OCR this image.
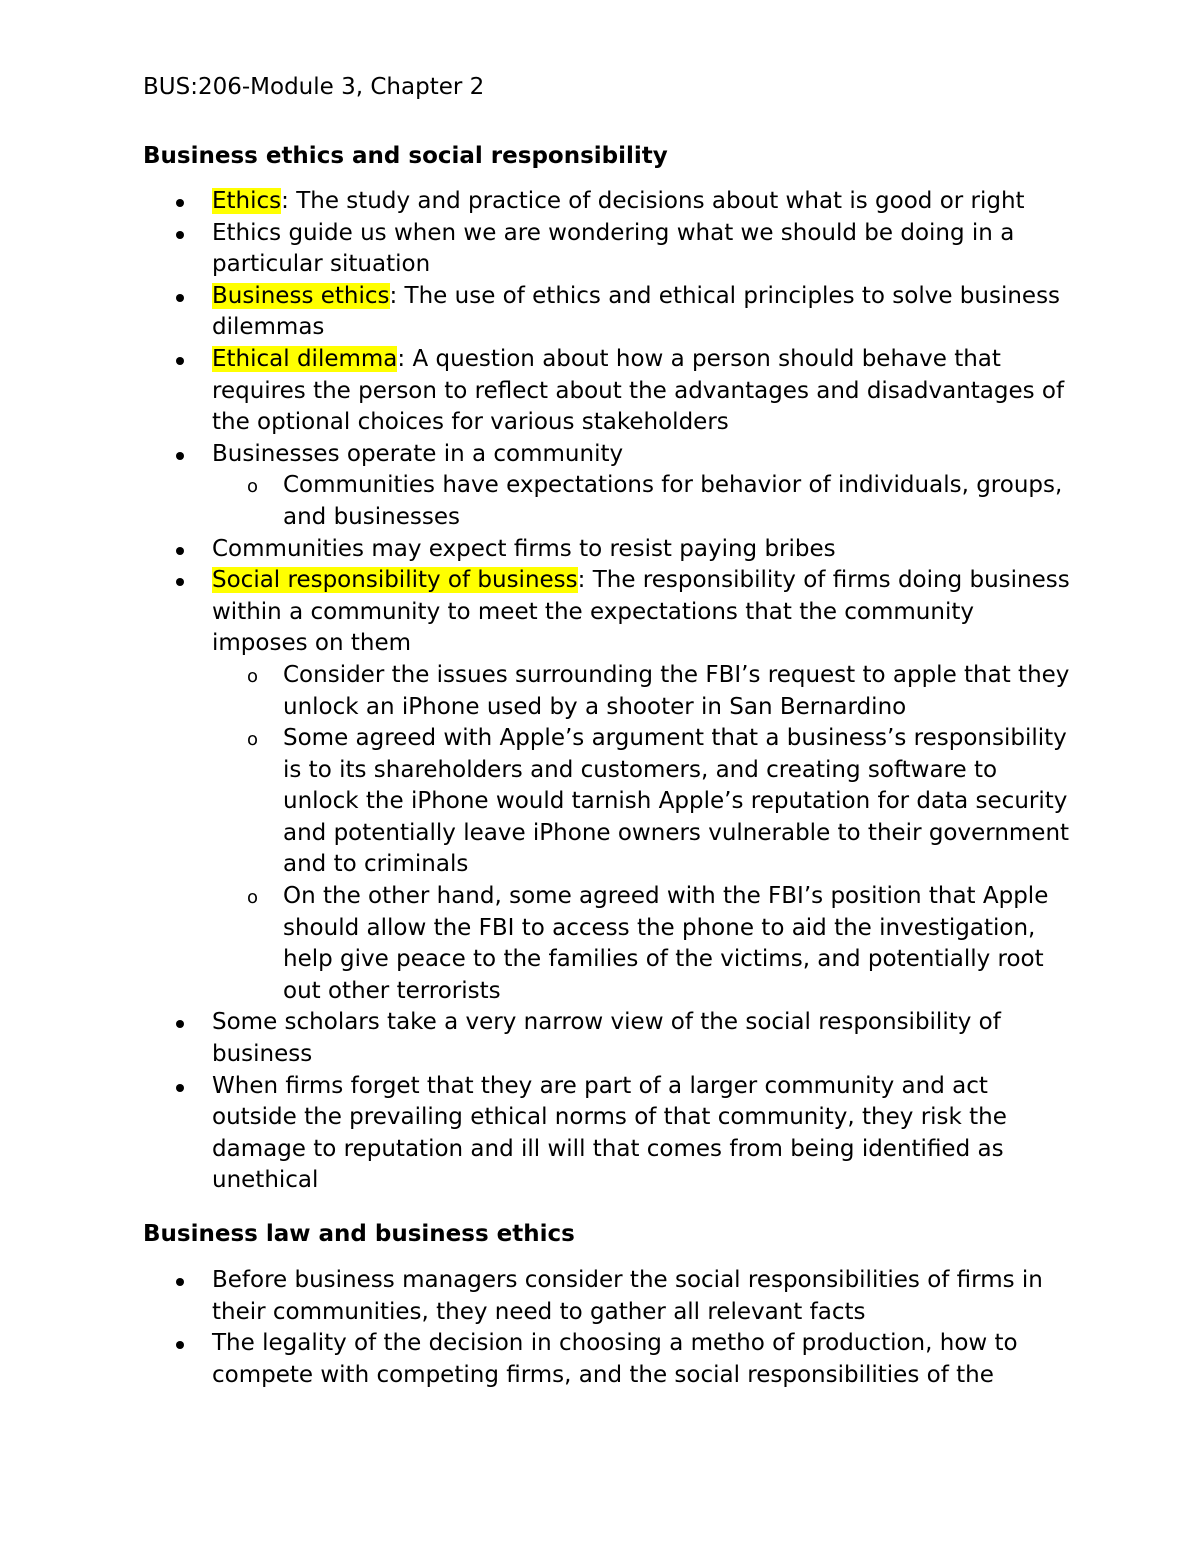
BUS:206-Module 3, Chapter 2

Business ethics and social responsibility
Ethics: The study and practice of decisions about what is good or right
Ethics guide us when we are wondering what we should be doing in a particular situation
Business ethics: The use of ethics and ethical principles to solve business dilemmas
Ethical dilemma: A question about how a person should behave that requires the person to reflect about the advantages and disadvantages of the optional choices for various stakeholders
Businesses operate in a community
o Communities have expectations for behavior of individuals, groups, and businesses
Communities may expect firms to resist paying bribes
Social responsibility of business: The responsibility of firms doing business within a community to meet the expectations that the community imposes on them
o Consider the issues surrounding the FBI’s request to apple that they unlock an iPhone used by a shooter in San Bernardino
o Some agreed with Apple’s argument that a business’s responsibility is to its shareholders and customers, and creating software to unlock the iPhone would tarnish Apple’s reputation for data security and potentially leave iPhone owners vulnerable to their government and to criminals
o On the other hand, some agreed with the FBI’s position that Apple should allow the FBI to access the phone to aid the investigation, help give peace to the families of the victims, and potentially root out other terrorists
Some scholars take a very narrow view of the social responsibility of business
When firms forget that they are part of a larger community and act outside the prevailing ethical norms of that community, they risk the damage to reputation and ill will that comes from being identified as unethical
Business law and business ethics
Before business managers consider the social responsibilities of firms in their communities, they need to gather all relevant facts
The legality of the decision in choosing a metho of production, how to compete with competing firms, and the social responsibilities of the
